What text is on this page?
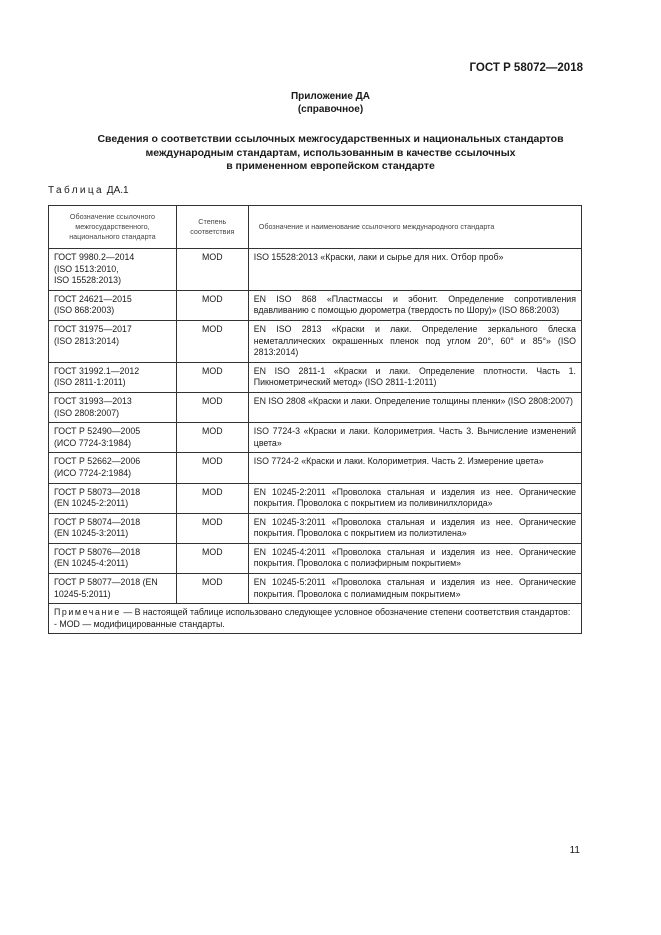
ГОСТ Р 58072—2018
Приложение ДА
(справочное)
Сведения о соответствии ссылочных межгосударственных и национальных стандартов
международным стандартам, использованным в качестве ссылочных
в примененном европейском стандарте
Таблица ДА.1
Обозначение ссылочного межгосударственного, национального стандарта	Степень соответствия	Обозначение и наименование ссылочного международного стандарта
ГОСТ 9980.2—2014
(ISO 1513:2010,
ISO 15528:2013)	MOD	ISO 15528:2013 «Краски, лаки и сырье для них. Отбор проб»
ГОСТ 24621—2015
(ISO 868:2003)	MOD	EN ISO 868 «Пластмассы и эбонит. Определение сопротивления вдавливанию с помощью дюрометра (твердость по Шору)» (ISO 868:2003)
ГОСТ 31975—2017
(ISO 2813:2014)	MOD	EN ISO 2813 «Краски и лаки. Определение зеркального блеска неметаллических окрашенных пленок под углом 20°, 60° и 85°» (ISO 2813:2014)
ГОСТ 31992.1—2012
(ISO 2811-1:2011)	MOD	EN ISO 2811-1 «Краски и лаки. Определение плотности. Часть 1. Пикнометрический метод» (ISO 2811-1:2011)
ГОСТ 31993—2013
(ISO 2808:2007)	MOD	EN ISO 2808 «Краски и лаки. Определение толщины пленки» (ISO 2808:2007)
ГОСТ Р 52490—2005
(ИСО 7724-3:1984)	MOD	ISO 7724-3 «Краски и лаки. Колориметрия. Часть 3. Вычисление изменений цвета»
ГОСТ Р 52662—2006
(ИСО 7724-2:1984)	MOD	ISO 7724-2 «Краски и лаки. Колориметрия. Часть 2. Измерение цвета»
ГОСТ Р 58073—2018
(EN 10245-2:2011)	MOD	EN 10245-2:2011 «Проволока стальная и изделия из нее. Органические покрытия. Проволока с покрытием из поливинилхлорида»
ГОСТ Р 58074—2018
(EN 10245-3:2011)	MOD	EN 10245-3:2011 «Проволока стальная и изделия из нее. Органические покрытия. Проволока с покрытием из полиэтилена»
ГОСТ Р 58076—2018
(EN 10245-4:2011)	MOD	EN 10245-4:2011 «Проволока стальная и изделия из нее. Органические покрытия. Проволока с полиэфирным покрытием»
ГОСТ Р 58077—2018 (EN
10245-5:2011)	MOD	EN 10245-5:2011 «Проволока стальная и изделия из нее. Органические покрытия. Проволока с полиамидным покрытием»
Примечание — В настоящей таблице использовано следующее условное обозначение степени соответствия стандартов:
- MOD — модифицированные стандарты.		
11
